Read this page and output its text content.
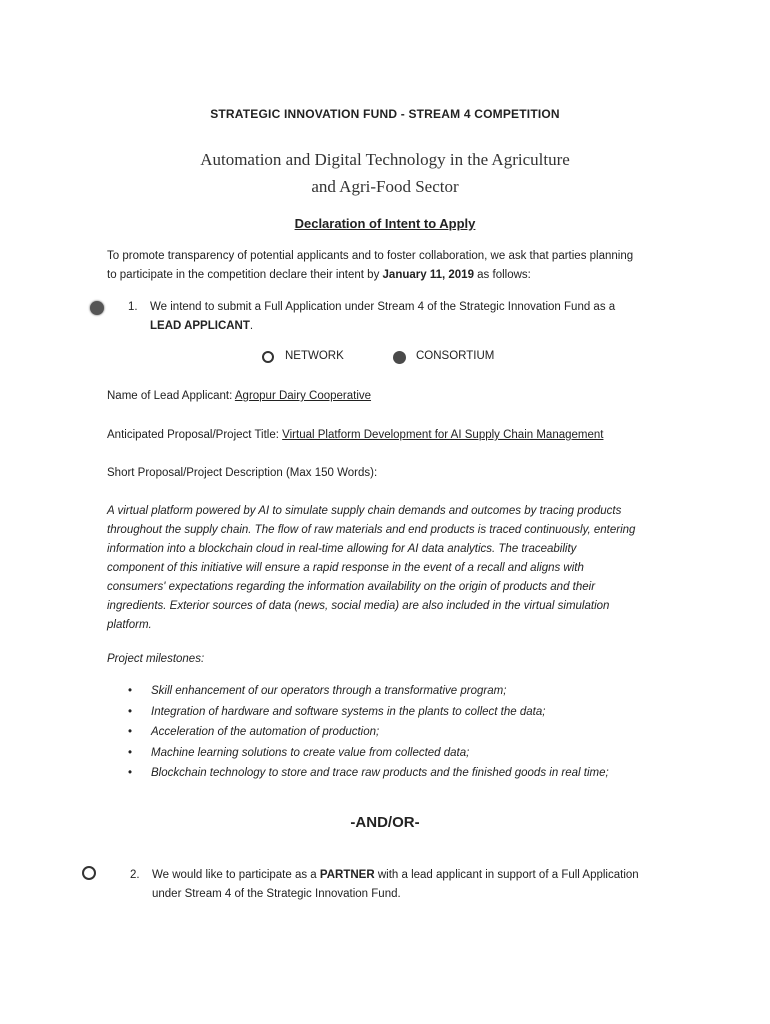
STRATEGIC INNOVATION FUND - STREAM 4 COMPETITION
Automation and Digital Technology in the Agriculture
and Agri-Food Sector
Declaration of Intent to Apply
To promote transparency of potential applicants and to foster collaboration, we ask that parties planning
to participate in the competition declare their intent by January 11, 2019 as follows:
1. We intend to submit a Full Application under Stream 4 of the Strategic Innovation Fund as a
LEAD APPLICANT.
NETWORK	CONSORTIUM
Name of Lead Applicant: Agropur Dairy Cooperative
Anticipated Proposal/Project Title: Virtual Platform Development for AI Supply Chain Management
Short Proposal/Project Description (Max 150 Words):
A virtual platform powered by AI to simulate supply chain demands and outcomes by tracing products
throughout the supply chain. The flow of raw materials and end products is traced continuously, entering
information into a blockchain cloud in real-time allowing for AI data analytics. The traceability
component of this initiative will ensure a rapid response in the event of a recall and aligns with
consumers' expectations regarding the information availability on the origin of products and their
ingredients. Exterior sources of data (news, social media) are also included in the virtual simulation
platform.
Project milestones:
• Skill enhancement of our operators through a transformative program;
• Integration of hardware and software systems in the plants to collect the data;
• Acceleration of the automation of production;
• Machine learning solutions to create value from collected data;
• Blockchain technology to store and trace raw products and the finished goods in real time;
-AND/OR-
2. We would like to participate as a PARTNER with a lead applicant in support of a Full Application
under Stream 4 of the Strategic Innovation Fund.
